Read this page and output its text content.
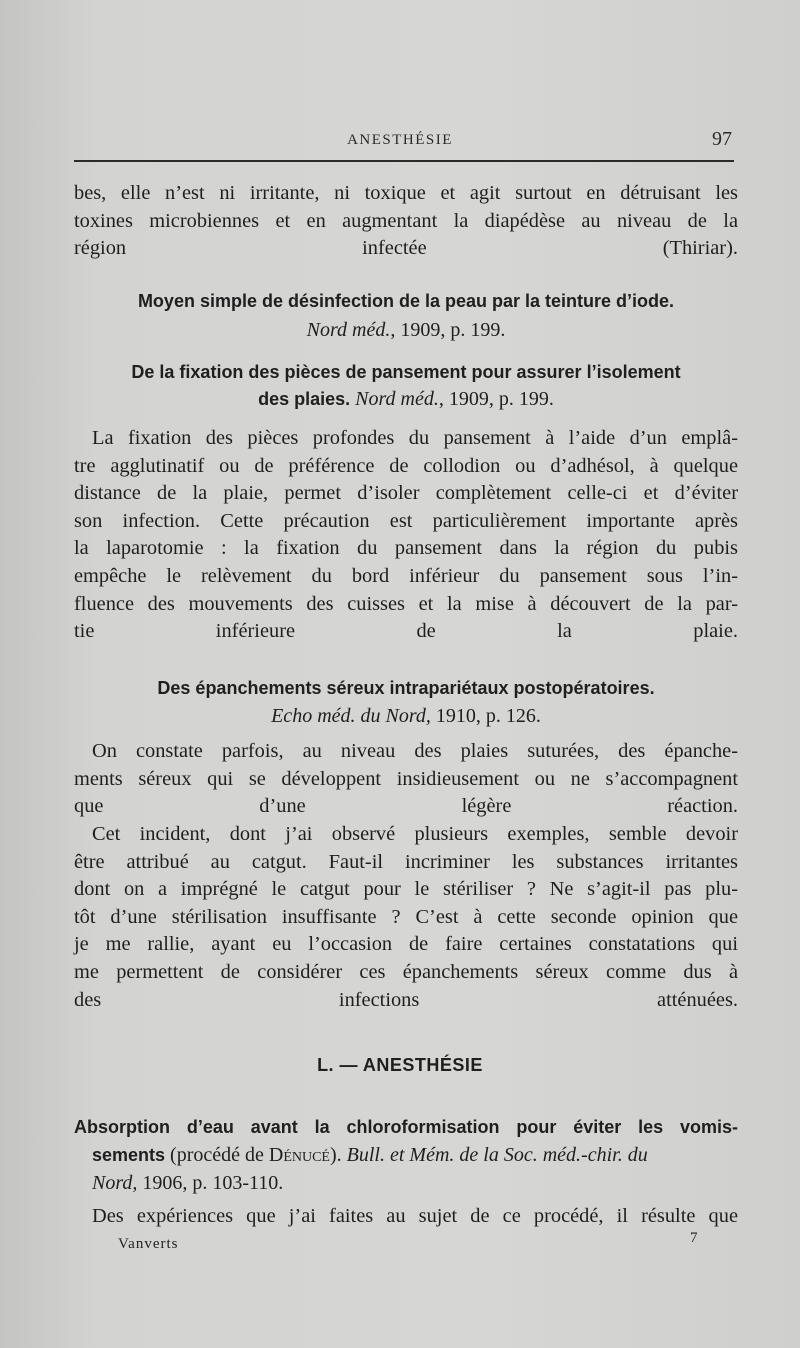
ANESTHÉSIE	97
bes, elle n’est ni irritante, ni toxique et agit surtout en détruisant les
toxines microbiennes et en augmentant la diapédèse au niveau de la
région infectée (Thiriar).
Moyen simple de désinfection de la peau par la teinture d’iode.
Nord méd., 1909, p. 199.
De la fixation des pièces de pansement pour assurer l’isolement
des plaies. Nord méd., 1909, p. 199.
La fixation des pièces profondes du pansement à l’aide d’un emplâ-
tre agglutinatif ou de préférence de collodion ou d’adhésol, à quelque
distance de la plaie, permet d’isoler complètement celle-ci et d’éviter
son infection. Cette précaution est particulièrement importante après
la laparotomie : la fixation du pansement dans la région du pubis
empêche le relèvement du bord inférieur du pansement sous l’in-
fluence des mouvements des cuisses et la mise à découvert de la par-
tie inférieure de la plaie.
Des épanchements séreux intrapariétaux postopératoires.
Echo méd. du Nord, 1910, p. 126.
On constate parfois, au niveau des plaies suturées, des épanche-
ments séreux qui se développent insidieusement ou ne s’accompagnent
que d’une légère réaction.
Cet incident, dont j’ai observé plusieurs exemples, semble devoir
être attribué au catgut. Faut-il incriminer les substances irritantes
dont on a imprégné le catgut pour le stériliser ? Ne s’agit-il pas plu-
tôt d’une stérilisation insuffisante ? C’est à cette seconde opinion que
je me rallie, ayant eu l’occasion de faire certaines constatations qui
me permettent de considérer ces épanchements séreux comme dus à
des infections atténuées.
L. — ANESTHÉSIE
Absorption d’eau avant la chloroformisation pour éviter les vomis-
sements (procédé de Dénucé). Bull. et Mém. de la Soc. méd.-chir. du
Nord, 1906, p. 103-110.
Des expériences que j’ai faites au sujet de ce procédé, il résulte que
Vanverts	7
